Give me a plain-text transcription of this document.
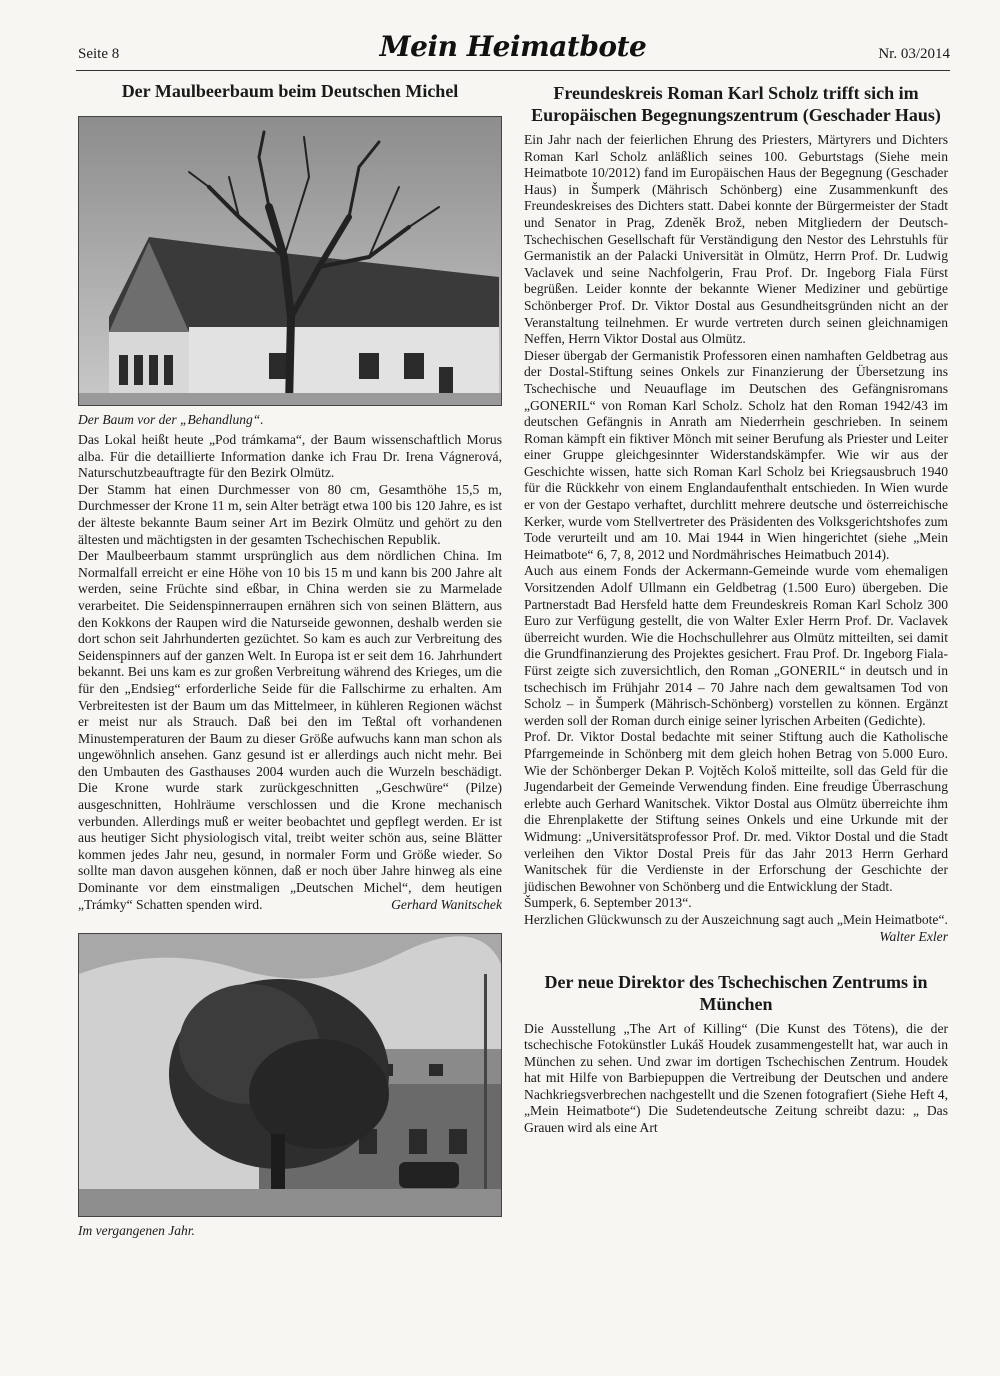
Seite 8	Mein Heimatbote	Nr. 03/2014
Der Maulbeerbaum beim Deutschen Michel
Der Baum vor der „Behandlung“.

Das Lokal heißt heute „Pod trámkama“, der Baum wissenschaftlich Morus alba. Für die detaillierte Information danke ich Frau Dr. Irena Vágnerová, Naturschutzbeauftragte für den Bezirk Olmütz.

Der Stamm hat einen Durchmesser von 80 cm, Gesamthöhe 15,5 m, Durchmesser der Krone 11 m, sein Alter beträgt etwa 100 bis 120 Jahre, es ist der älteste bekannte Baum seiner Art im Bezirk Olmütz und gehört zu den ältesten und mächtigsten in der gesamten Tschechischen Republik.

Der Maulbeerbaum stammt ursprünglich aus dem nördlichen China. Im Normalfall erreicht er eine Höhe von 10 bis 15 m und kann bis 200 Jahre alt werden, seine Früchte sind eßbar, in China werden sie zu Marmelade verarbeitet. Die Seidenspinnerraupen ernähren sich von seinen Blättern, aus den Kokkons der Raupen wird die Naturseide gewonnen, deshalb werden sie dort schon seit Jahrhunderten gezüchtet. So kam es auch zur Verbreitung des Seidenspinners auf der ganzen Welt. In Europa ist er seit dem 16. Jahrhundert bekannt. Bei uns kam es zur großen Verbreitung während des Krieges, um die für den „Endsieg“ erforderliche Seide für die Fallschirme zu erhalten. Am Verbreitesten ist der Baum um das Mittelmeer, in kühleren Regionen wächst er meist nur als Strauch. Daß bei den im Teßtal oft vorhandenen Minustemperaturen der Baum zu dieser Größe aufwuchs kann man schon als ungewöhnlich ansehen. Ganz gesund ist er allerdings auch nicht mehr. Bei den Umbauten des Gasthauses 2004 wurden auch die Wurzeln beschädigt. Die Krone wurde stark zurückgeschnitten „Geschwüre“ (Pilze) ausgeschnitten, Hohlräume verschlossen und die Krone mechanisch verbunden. Allerdings muß er weiter beobachtet und gepflegt werden. Er ist aus heutiger Sicht physiologisch vital, treibt weiter schön aus, seine Blätter kommen jedes Jahr neu, gesund, in normaler Form und Größe wieder. So sollte man davon ausgehen können, daß er noch über Jahre hinweg als eine Dominante vor dem einstmaligen „Deutschen Michel“, dem heutigen „Trámky“ Schatten spenden wird.	Gerhard Wanitschek

Im vergangenen Jahr.
Freundeskreis Roman Karl Scholz trifft sich im Europäischen Begegnungszentrum (Geschader Haus)

Ein Jahr nach der feierlichen Ehrung des Priesters, Märtyrers und Dichters Roman Karl Scholz anläßlich seines 100. Geburtstags (Siehe mein Heimatbote 10/2012) fand im Europäischen Haus der Begegnung (Geschader Haus) in Šumperk (Mährisch Schönberg) eine Zusammenkunft des Freundeskreises des Dichters statt. Dabei konnte der Bürgermeister der Stadt und Senator in Prag, Zdeněk Brož, neben Mitgliedern der Deutsch-Tschechischen Gesellschaft für Verständigung den Nestor des Lehrstuhls für Germanistik an der Palacki Universität in Olmütz, Herrn Prof. Dr. Ludwig Vaclavek und seine Nachfolgerin, Frau Prof. Dr. Ingeborg Fiala Fürst begrüßen. Leider konnte der bekannte Wiener Mediziner und gebürtige Schönberger Prof. Dr. Viktor Dostal aus Gesundheitsgründen nicht an der Veranstaltung teilnehmen. Er wurde vertreten durch seinen gleichnamigen Neffen, Herrn Viktor Dostal aus Olmütz.

Dieser übergab der Germanistik Professoren einen namhaften Geldbetrag aus der Dostal-Stiftung seines Onkels zur Finanzierung der Übersetzung ins Tschechische und Neuauflage im Deutschen des Gefängnisromans „GONERIL“ von Roman Karl Scholz. Scholz hat den Roman 1942/43 im deutschen Gefängnis in Anrath am Niederrhein geschrieben. In seinem Roman kämpft ein fiktiver Mönch mit seiner Berufung als Priester und Leiter einer Gruppe gleichgesinnter Widerstandskämpfer. Wie wir aus der Geschichte wissen, hatte sich Roman Karl Scholz bei Kriegsausbruch 1940 für die Rückkehr von einem Englandaufenthalt entschieden. In Wien wurde er von der Gestapo verhaftet, durchlitt mehrere deutsche und österreichische Kerker, wurde vom Stellvertreter des Präsidenten des Volksgerichtshofes zum Tode verurteilt und am 10. Mai 1944 in Wien hingerichtet (siehe „Mein Heimatbote“ 6, 7, 8, 2012 und Nordmährisches Heimatbuch 2014).

Auch aus einem Fonds der Ackermann-Gemeinde wurde vom ehemaligen Vorsitzenden Adolf Ullmann ein Geldbetrag (1.500 Euro) übergeben. Die Partnerstadt Bad Hersfeld hatte dem Freundeskreis Roman Karl Scholz 300 Euro zur Verfügung gestellt, die von Walter Exler Herrn Prof. Dr. Vaclavek überreicht wurden. Wie die Hochschullehrer aus Olmütz mitteilten, sei damit die Grundfinanzierung des Projektes gesichert. Frau Prof. Dr. Ingeborg Fiala-Fürst zeigte sich zuversichtlich, den Roman „GONERIL“ in deutsch und in tschechisch im Frühjahr 2014 – 70 Jahre nach dem gewaltsamen Tod von Scholz – in Šumperk (Mährisch-Schönberg) vorstellen zu können. Ergänzt werden soll der Roman durch einige seiner lyrischen Arbeiten (Gedichte).

Prof. Dr. Viktor Dostal bedachte mit seiner Stiftung auch die Katholische Pfarrgemeinde in Schönberg mit dem gleich hohen Betrag von 5.000 Euro. Wie der Schönberger Dekan P. Vojtěch Kološ mitteilte, soll das Geld für die Jugendarbeit der Gemeinde Verwendung finden. Eine freudige Überraschung erlebte auch Gerhard Wanitschek. Viktor Dostal aus Olmütz überreichte ihm die Ehrenplakette der Stiftung seines Onkels und eine Urkunde mit der Widmung: „Universitätsprofessor Prof. Dr. med. Viktor Dostal und die Stadt verleihen den Viktor Dostal Preis für das Jahr 2013 Herrn Gerhard Wanitschek für die Verdienste in der Erforschung der Geschichte der jüdischen Bewohner von Schönberg und die Entwicklung der Stadt.

Šumperk, 6. September 2013“.

Herzlichen Glückwunsch zu der Auszeichnung sagt auch „Mein Heimatbote“.
Walter Exler

Der neue Direktor des Tschechischen Zentrums in München

Die Ausstellung „The Art of Killing“ (Die Kunst des Tötens), die der tschechische Fotokünstler Lukáš Houdek zusammengestellt hat, war auch in München zu sehen. Und zwar im dortigen Tschechischen Zentrum. Houdek hat mit Hilfe von Barbiepuppen die Vertreibung der Deutschen und andere Nachkriegsverbrechen nachgestellt und die Szenen fotografiert (Siehe Heft 4, „Mein Heimatbote“) Die Sudetendeutsche Zeitung schreibt dazu: „ Das Grauen wird als eine Art
